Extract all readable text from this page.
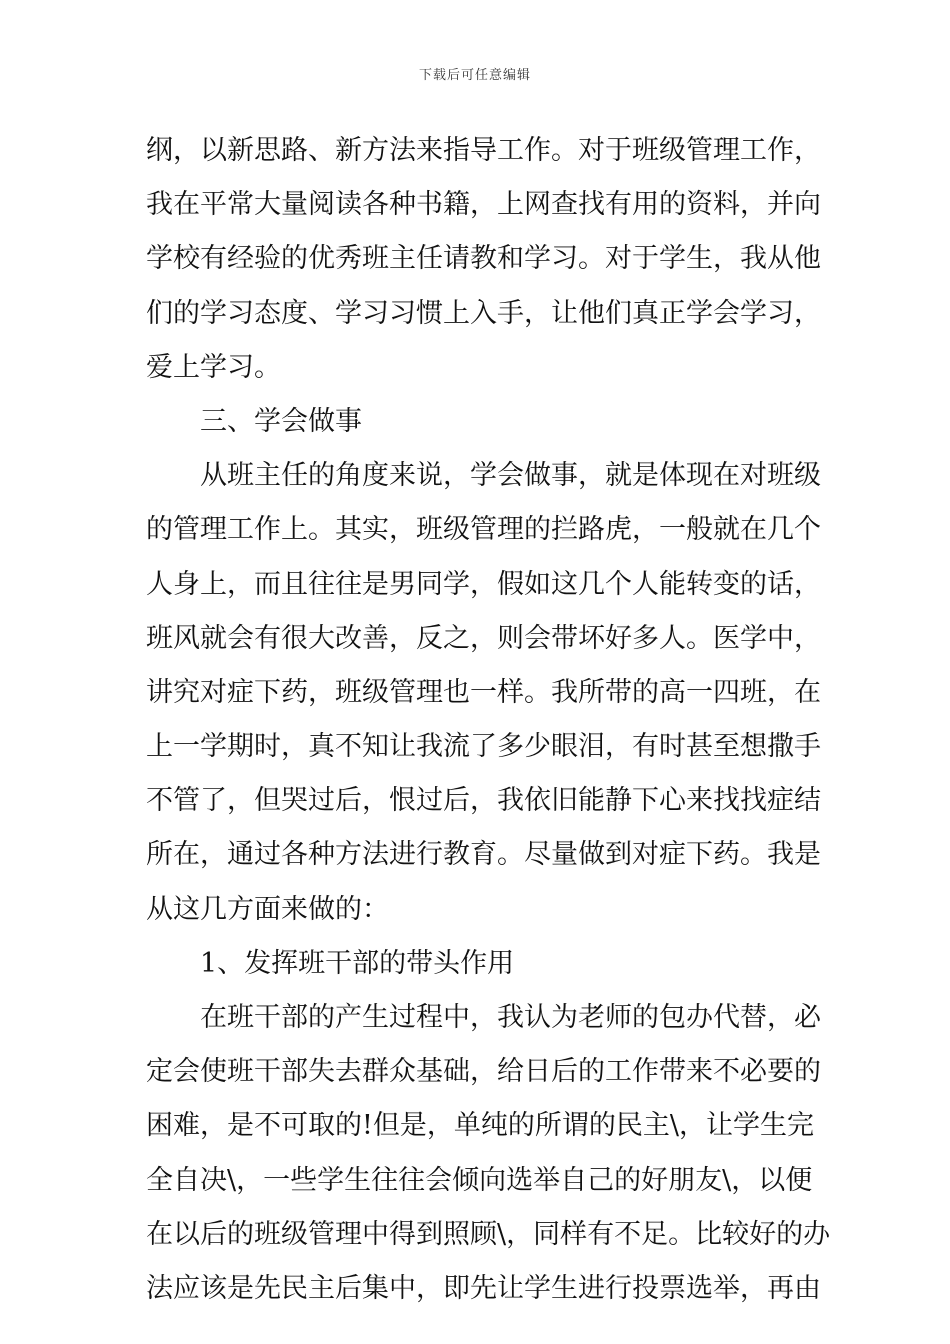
下载后可任意编辑
纲，以新思路、新方法来指导工作。对于班级管理工作，
我在平常大量阅读各种书籍，上网查找有用的资料，并向
学校有经验的优秀班主任请教和学习。对于学生，我从他
们的学习态度、学习习惯上入手，让他们真正学会学习，
爱上学习。
三、学会做事
从班主任的角度来说，学会做事，就是体现在对班级
的管理工作上。其实，班级管理的拦路虎，一般就在几个
人身上，而且往往是男同学，假如这几个人能转变的话，
班风就会有很大改善，反之，则会带坏好多人。医学中，
讲究对症下药，班级管理也一样。我所带的高一四班，在
上一学期时，真不知让我流了多少眼泪，有时甚至想撒手
不管了，但哭过后，恨过后，我依旧能静下心来找找症结
所在，通过各种方法进行教育。尽量做到对症下药。我是
从这几方面来做的：
1、发挥班干部的带头作用
在班干部的产生过程中，我认为老师的包办代替，必
定会使班干部失去群众基础，给日后的工作带来不必要的
困难，是不可取的!但是，单纯的所谓的民主\，让学生完
全自决\，一些学生往往会倾向选举自己的好朋友\，以便
在以后的班级管理中得到照顾\，同样有不足。比较好的办
法应该是先民主后集中，即先让学生进行投票选举，再由
